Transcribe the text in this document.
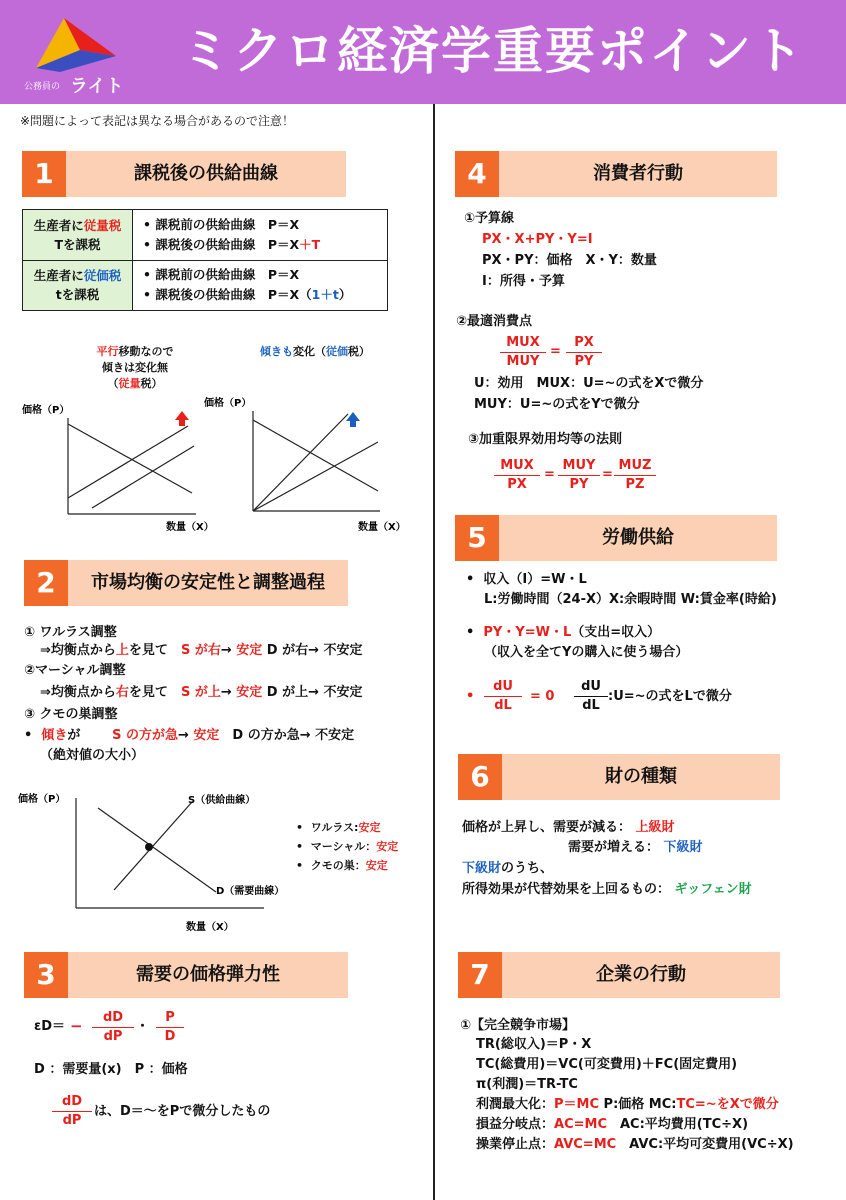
公務員の ライト
ミクロ経済学重要ポイント
※問題によって表記は異なる場合があるので注意！
1	課税後の供給曲線
生産者に従量税
Tを課税	• 課税前の供給曲線　P＝X
• 課税後の供給曲線　P＝X＋T
生産者に従価税
tを課税	• 課税前の供給曲線　P＝X
• 課税後の供給曲線　P＝X（1＋t）
平行移動なので
傾きは変化無
（従量税）
傾きも変化（従価税）
価格（P）
数量（X）
価格（P）
数量（X）
2	市場均衡の安定性と調整過程
① ワルラス調整
⇒均衡点から上を見て　S が右→ 安定 D が右→ 不安定
②マーシャル調整
⇒均衡点から右を見て　S が上→ 安定 D が上→ 不安定
③ クモの巣調整
•  傾きが S の方が急→ 安定　D の方か急→ 不安定
（絶対値の大小）
価格（P）	S（供給曲線）
D（需要曲線）
数量（X）
•  ワルラス:安定
•  マーシャル：安定
•  クモの巣：安定
3	需要の価格弾力性
$\varepsilon D= - \frac{dD}{dP}$ ・ $\frac{P}{D}$
D ：需要量(x)　P ：価格
$\frac{dD}{dP}$ は、D＝～をPで微分したもの
4	消費者行動
①予算線
PX・X+PY・Y=I
PX・PY：価格　X・Y：数量
I：所得・予算
②最適消費点
MUX
MUY
= $\frac{PX}{PY}$
U：効用　MUX：U=~の式をXで微分
MUY：U=~の式をYで微分
③加重限界効用均等の法則
MUX
PX
=
MUY
PY
=
MUZ
PZ
5	労働供給
•  収入（I）=W・L
L:労働時間（24-X）X:余暇時間 W:賃金率(時給)
•  PY・Y=W・L（支出=収入）
（収入を全てYの購入に使う場合）
• $\frac{dU}{dL} = 0 \frac{dU}{dL}$ :U=~の式をLで微分
6	財の種類
価格が上昇し、需要が減る： 上級財
需要が増える： 下級財
下級財のうち、
所得効果が代替効果を上回るもの： ギッフェン財
7	企業の行動
①【完全競争市場】
TR(総収入)＝P・X
TC(総費用)＝VC(可変費用)＋FC(固定費用)
π(利潤)＝TR-TC
利潤最大化：P＝MC P:価格 MC:TC=~をXで微分
損益分岐点：AC=MC　AC:平均費用(TC÷X)
操業停止点：AVC=MC　AVC:平均可変費用(VC÷X)
